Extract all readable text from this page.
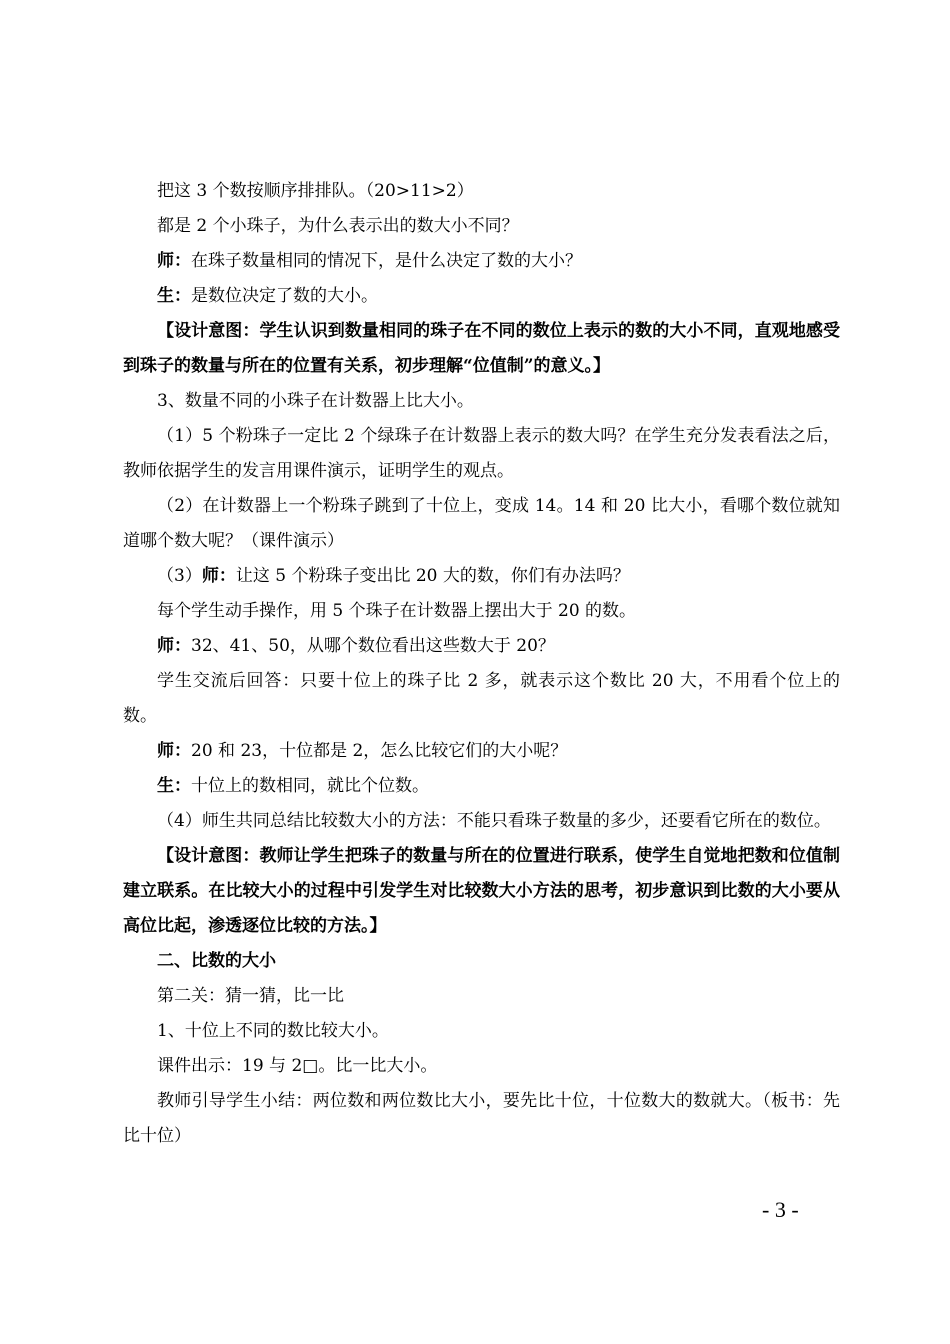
把这 3 个数按顺序排排队。（20>11>2）

都是 2 个小珠子，为什么表示出的数大小不同？

师：在珠子数量相同的情况下，是什么决定了数的大小？

生：是数位决定了数的大小。

【设计意图：学生认识到数量相同的珠子在不同的数位上表示的数的大小不同，直观地感受到珠子的数量与所在的位置有关系，初步理解“位值制”的意义。】

3、数量不同的小珠子在计数器上比大小。

（1）5 个粉珠子一定比 2 个绿珠子在计数器上表示的数大吗？在学生充分发表看法之后，教师依据学生的发言用课件演示，证明学生的观点。

（2）在计数器上一个粉珠子跳到了十位上，变成 14。14 和 20 比大小，看哪个数位就知道哪个数大呢？（课件演示）

（3）师：让这 5 个粉珠子变出比 20 大的数，你们有办法吗？

每个学生动手操作，用 5 个珠子在计数器上摆出大于 20 的数。

师：32、41、50，从哪个数位看出这些数大于 20？

学生交流后回答：只要十位上的珠子比 2 多，就表示这个数比 20 大，不用看个位上的数。

师：20 和 23，十位都是 2，怎么比较它们的大小呢？

生：十位上的数相同，就比个位数。

（4）师生共同总结比较数大小的方法：不能只看珠子数量的多少，还要看它所在的数位。

【设计意图：教师让学生把珠子的数量与所在的位置进行联系，使学生自觉地把数和位值制建立联系。在比较大小的过程中引发学生对比较数大小方法的思考，初步意识到比数的大小要从高位比起，渗透逐位比较的方法。】

二、比数的大小

第二关：猜一猜，比一比

1、十位上不同的数比较大小。

课件出示：19 与 2□。比一比大小。

教师引导学生小结：两位数和两位数比大小，要先比十位，十位数大的数就大。（板书：先比十位）

- 3 -
